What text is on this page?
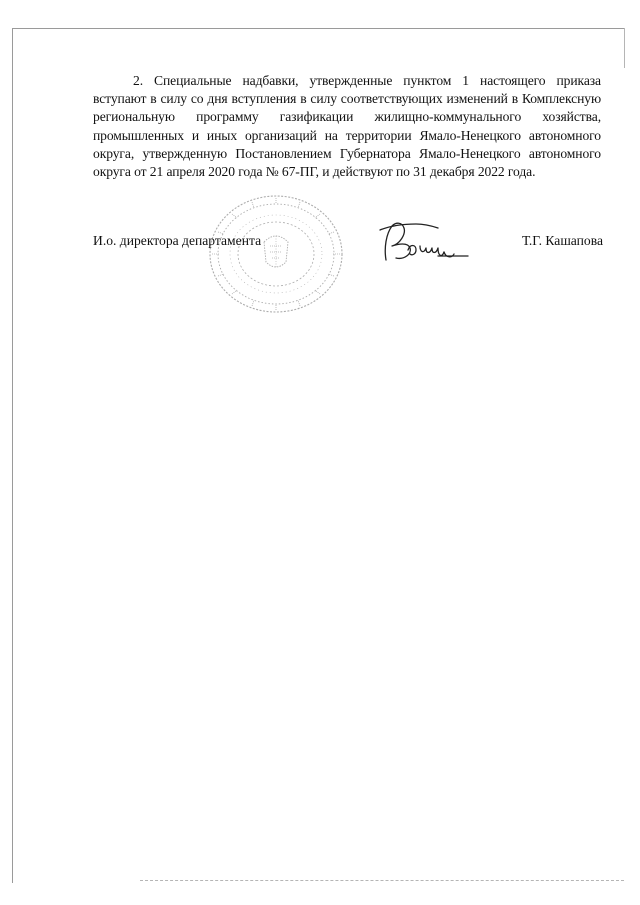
2. Специальные надбавки, утвержденные пунктом 1 настоящего приказа вступают в силу со дня вступления в силу соответствующих изменений в Комплексную региональную программу газификации жилищно-коммунального хозяйства, промышленных и иных организаций на территории Ямало-Ненецкого автономного округа, утвержденную Постановлением Губернатора Ямало-Ненецкого автономного округа от 21 апреля 2020 года № 67-ПГ, и действуют по 31 декабря 2022 года.

И.о. директора департамента	Т.Г. Кашапова
